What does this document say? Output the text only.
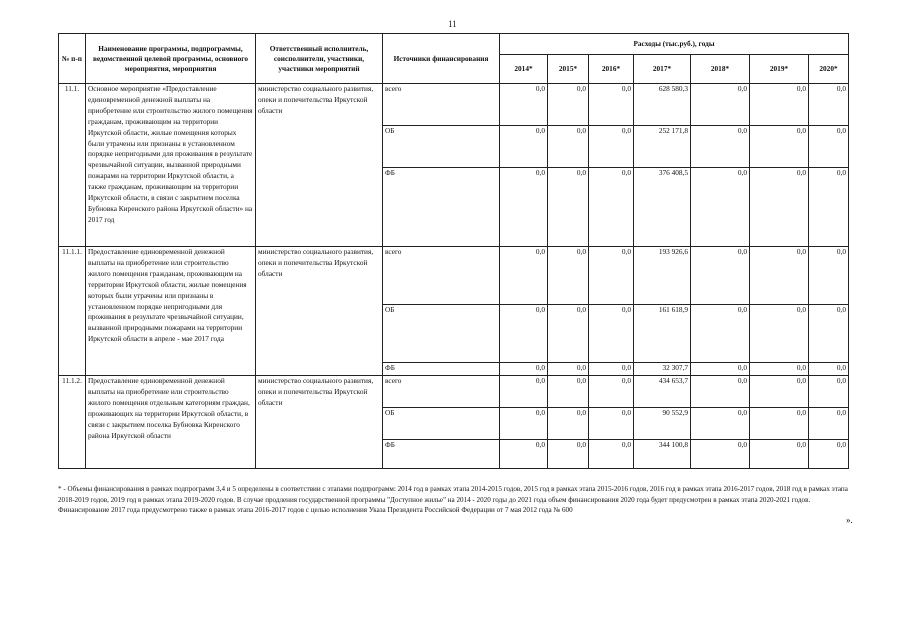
11
№ п-п	Наименование программы, подпрограммы, ведомственной целевой программы, основного мероприятия, мероприятия	Ответственный исполнитель, соисполнители, участники, участники мероприятий	Источники финансирования	Расходы (тыс.руб.), годы						
				2014*	2015*	2016*	2017*	2018*	2019*	2020*
11.1.	Основное мероприятие «Предоставление единовременной денежной выплаты на приобретение или строительство жилого помещения гражданам, проживающим на территории Иркутской области, жилые помещения которых были утрачены или признаны в установленном порядке непригодными для проживания в результате чрезвычайной ситуации, вызванной природными пожарами на территории Иркутской области, а также гражданам, проживающим на территории Иркутской области, в связи с закрытием поселка Бубновка Киренского района Иркутской области» на 2017 год	министерство социального развития, опеки и попечительства Иркутской области	всего	0,0	0,0	0,0	628 580,3	0,0	0,0	0,0
			ОБ	0,0	0,0	0,0	252 171,8	0,0	0,0	0,0
			ФБ	0,0	0,0	0,0	376 408,5	0,0	0,0	0,0
11.1.1.	Предоставление единовременной денежной выплаты на приобретение или строительство жилого помещения гражданам, проживающим на территории Иркутской области, жилые помещения которых были утрачены или признаны в установленном порядке непригодными для проживания в результате чрезвычайной ситуации, вызванной природными пожарами на территории Иркутской области в апреле - мае 2017 года	министерство социального развития, опеки и попечительства Иркутской области	всего	0,0	0,0	0,0	193 926,6	0,0	0,0	0,0
			ОБ	0,0	0,0	0,0	161 618,9	0,0	0,0	0,0
			ФБ	0,0	0,0	0,0	32 307,7	0,0	0,0	0,0
11.1.2.	Предоставление единовременной денежной выплаты на приобретение или строительство жилого помещения отдельным категориям граждан, проживающих на территории Иркутской области, в связи с закрытием поселка Бубновка Киренского района Иркутской области	министерство социального развития, опеки и попечительства Иркутской области	всего	0,0	0,0	0,0	434 653,7	0,0	0,0	0,0
			ОБ	0,0	0,0	0,0	90 552,9	0,0	0,0	0,0
			ФБ	0,0	0,0	0,0	344 100,8	0,0	0,0	0,0
* - Объемы финансирования в рамках подпрограмм 3,4 и 5 определены в соответствии с этапами подпрограмм: 2014 год в рамках этапа 2014-2015 годов, 2015 год в рамках этапа 2015-2016 годов, 2016 год в рамках этапа 2016-2017 годов, 2018 год в рамках этапа 2018-2019 годов, 2019 год в рамках этапа 2019-2020 годов. В случае продления государственной программы "Доступное жилье" на 2014 - 2020 годы до 2021 года объем финансирования 2020 года будет предусмотрен в рамках этапа 2020-2021 годов.
Финансирование 2017 года предусмотрено также в рамках этапа 2016-2017 годов с целью исполнения Указа Президента Российской Федерации от 7 мая 2012 года № 600
».
